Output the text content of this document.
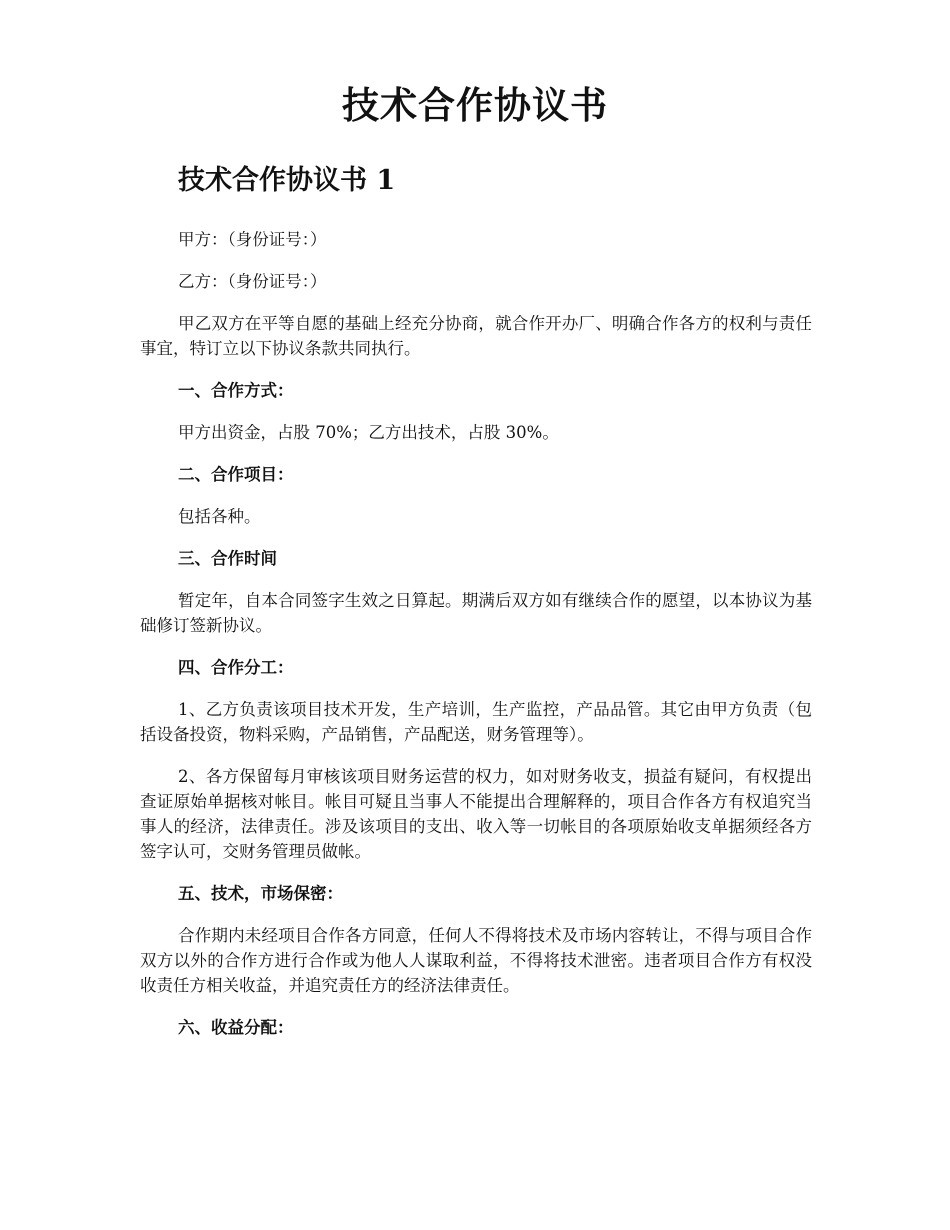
技术合作协议书
技术合作协议书 1

甲方：（身份证号：）

乙方：（身份证号：）

甲乙双方在平等自愿的基础上经充分协商，就合作开办厂、明确合作各方的权利与责任事宜，特订立以下协议条款共同执行。

一、合作方式：

甲方出资金，占股 70%；乙方出技术，占股 30%。

二、合作项目：

包括各种。

三、合作时间

暂定年，自本合同签字生效之日算起。期满后双方如有继续合作的愿望，以本协议为基础修订签新协议。

四、合作分工：

1、乙方负责该项目技术开发，生产培训，生产监控，产品品管。其它由甲方负责（包括设备投资，物料采购，产品销售，产品配送，财务管理等）。

2、各方保留每月审核该项目财务运营的权力，如对财务收支，损益有疑问，有权提出查证原始单据核对帐目。帐目可疑且当事人不能提出合理解释的，项目合作各方有权追究当事人的经济，法律责任。涉及该项目的支出、收入等一切帐目的各项原始收支单据须经各方签字认可，交财务管理员做帐。

五、技术，市场保密：

合作期内未经项目合作各方同意，任何人不得将技术及市场内容转让，不得与项目合作双方以外的合作方进行合作或为他人人谋取利益，不得将技术泄密。违者项目合作方有权没收责任方相关收益，并追究责任方的经济法律责任。

六、收益分配：
